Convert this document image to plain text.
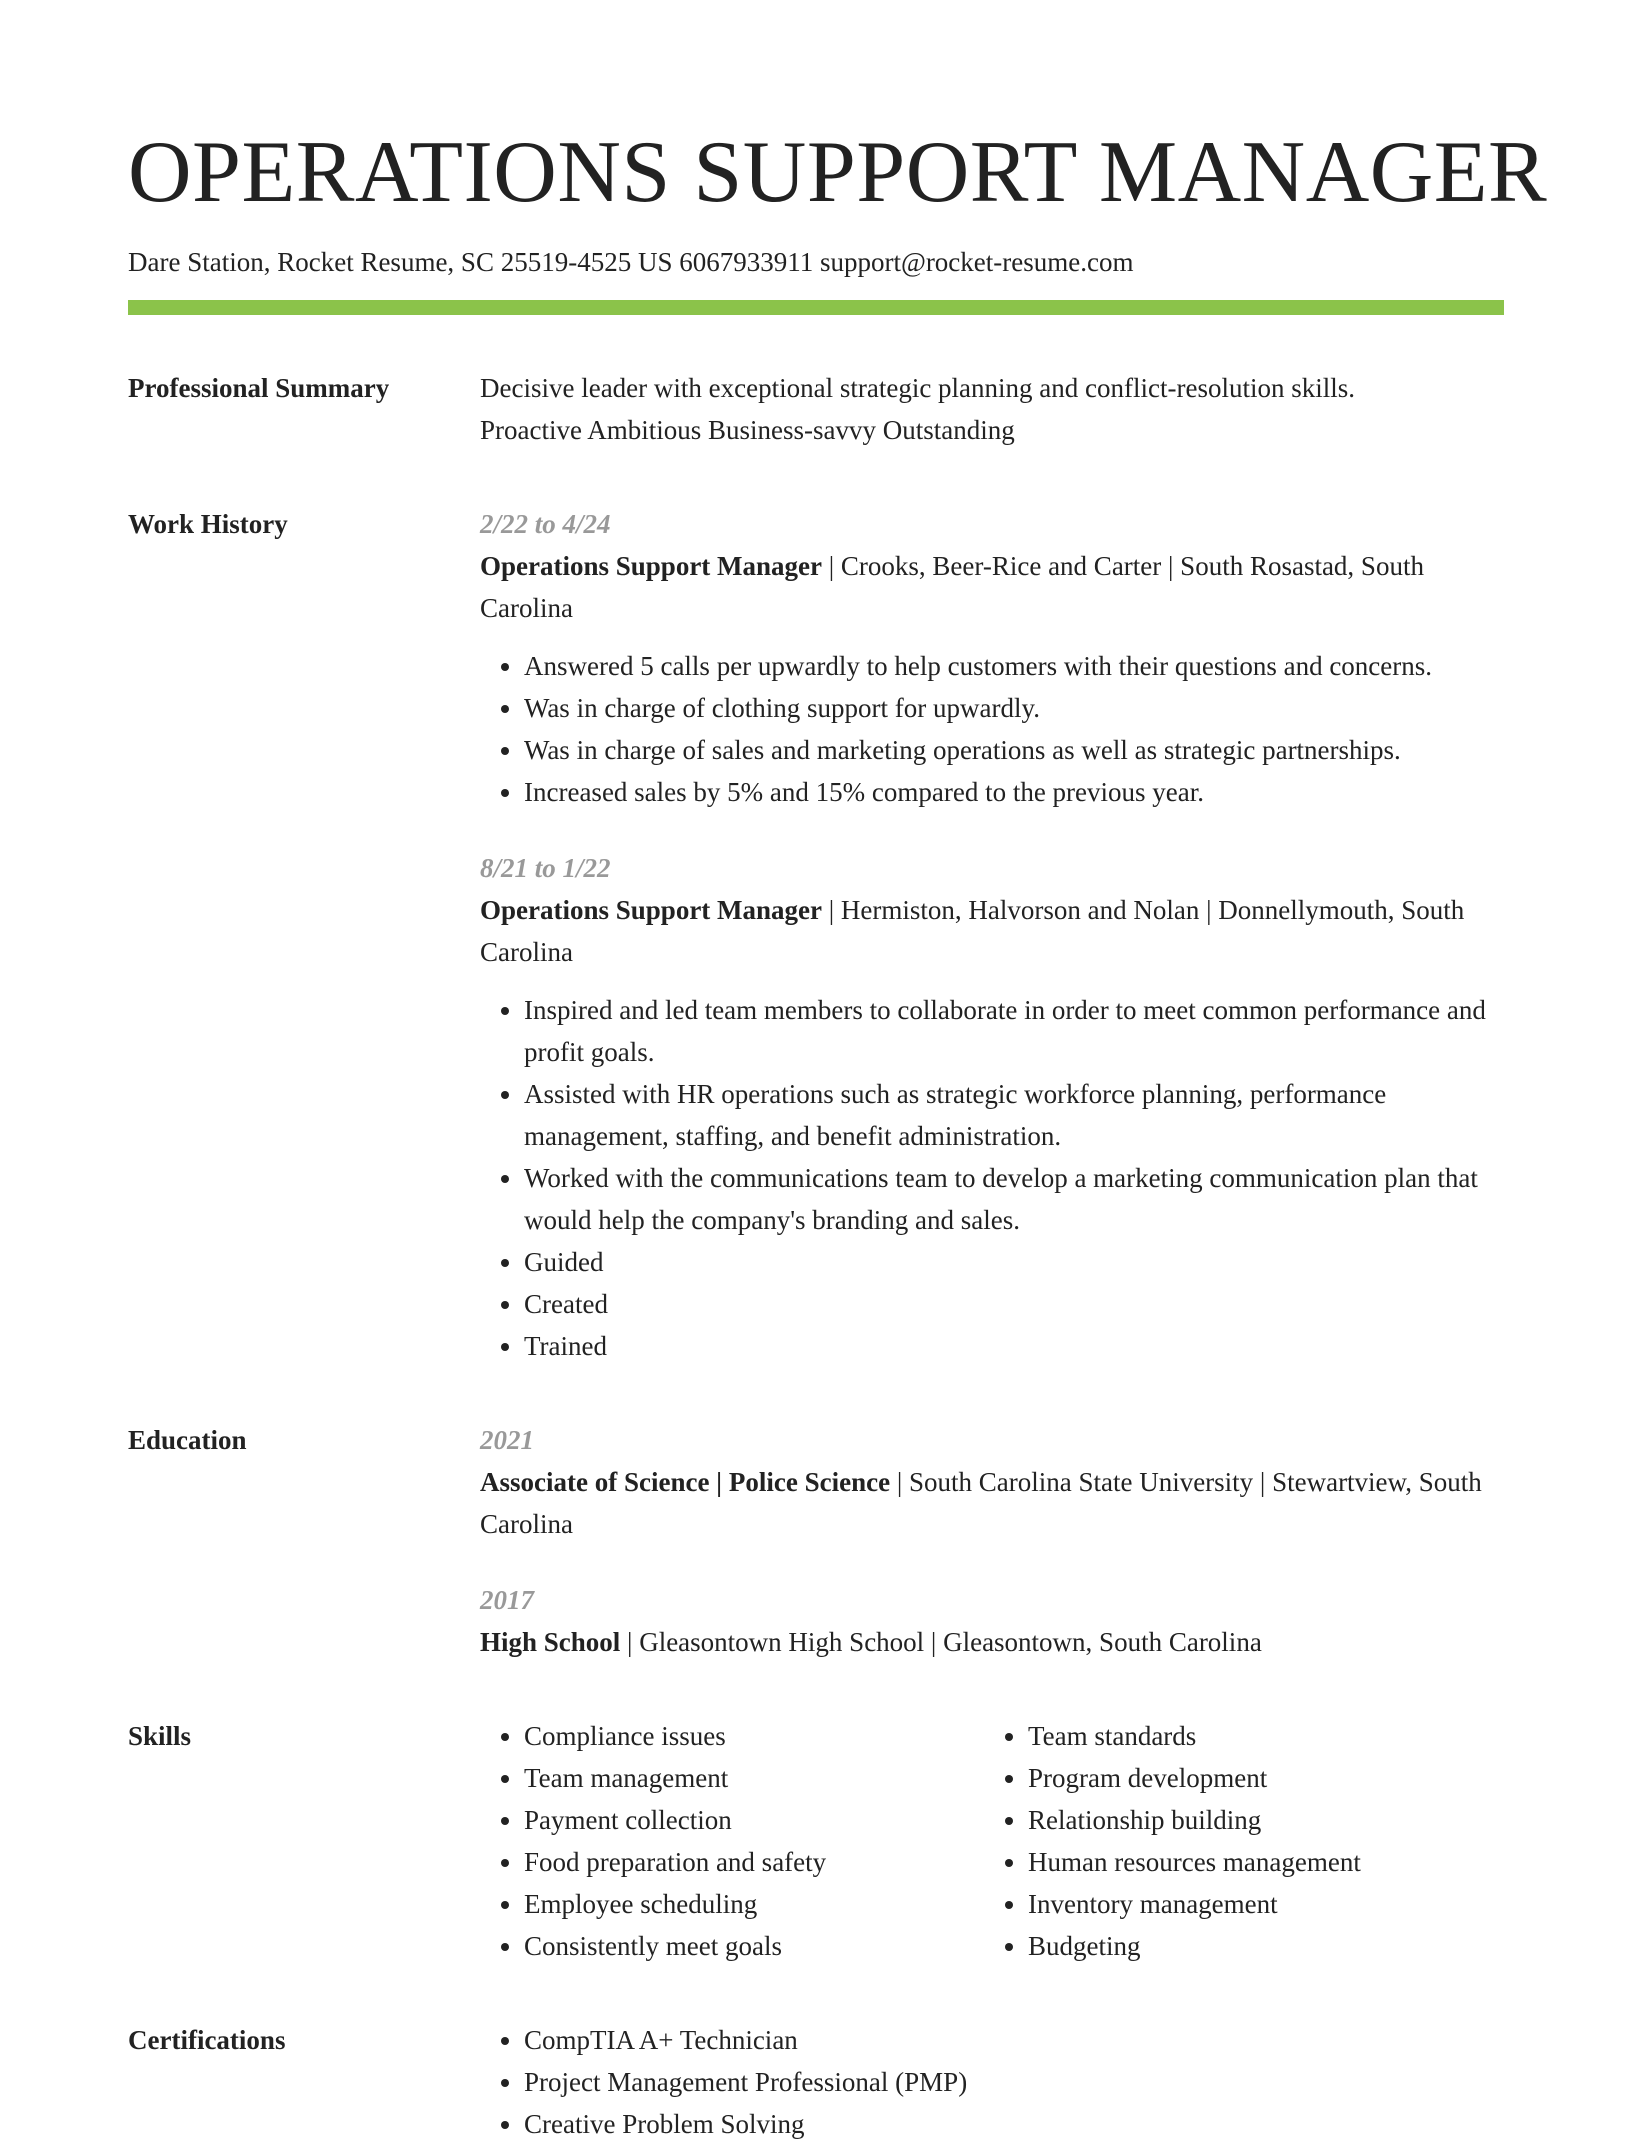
OPERATIONS SUPPORT MANAGER
Dare Station, Rocket Resume, SC 25519-4525 US 6067933911 support@rocket-resume.com
Professional Summary	Decisive leader with exceptional strategic planning and conflict-resolution skills.
Proactive Ambitious Business-savvy Outstanding
Work History	2/22 to 4/24
Operations Support Manager | Crooks, Beer-Rice and Carter | South Rosastad, South Carolina
• Answered 5 calls per upwardly to help customers with their questions and concerns.
• Was in charge of clothing support for upwardly.
• Was in charge of sales and marketing operations as well as strategic partnerships.
• Increased sales by 5% and 15% compared to the previous year.
8/21 to 1/22
Operations Support Manager | Hermiston, Halvorson and Nolan | Donnellymouth, South Carolina
• Inspired and led team members to collaborate in order to meet common performance and profit goals.
• Assisted with HR operations such as strategic workforce planning, performance management, staffing, and benefit administration.
• Worked with the communications team to develop a marketing communication plan that would help the company's branding and sales.
• Guided
• Created
• Trained
Education	2021
Associate of Science | Police Science | South Carolina State University | Stewartview, South Carolina
2017
High School | Gleasontown High School | Gleasontown, South Carolina
Skills	• Compliance issues
• Team management
• Payment collection
• Food preparation and safety
• Employee scheduling
• Consistently meet goals
• Team standards
• Program development
• Relationship building
• Human resources management
• Inventory management
• Budgeting
Certifications	• CompTIA A+ Technician
• Project Management Professional (PMP)
• Creative Problem Solving
